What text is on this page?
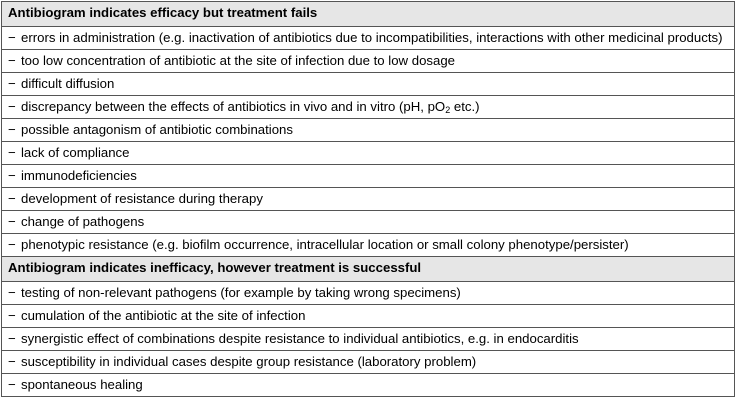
Antibiogram indicates efficacy but treatment fails
− errors in administration (e.g. inactivation of antibiotics due to incompatibilities, interactions with other medicinal products)
− too low concentration of antibiotic at the site of infection due to low dosage
− difficult diffusion
− discrepancy between the effects of antibiotics in vivo and in vitro (pH, $pO_2$ etc.)
− possible antagonism of antibiotic combinations
− lack of compliance
− immunodeficiencies
− development of resistance during therapy
− change of pathogens
− phenotypic resistance (e.g. biofilm occurrence, intracellular location or small colony phenotype/persister)
Antibiogram indicates inefficacy, however treatment is successful
− testing of non-relevant pathogens (for example by taking wrong specimens)
− cumulation of the antibiotic at the site of infection
− synergistic effect of combinations despite resistance to individual antibiotics, e.g. in endocarditis
− susceptibility in individual cases despite group resistance (laboratory problem)
− spontaneous healing
